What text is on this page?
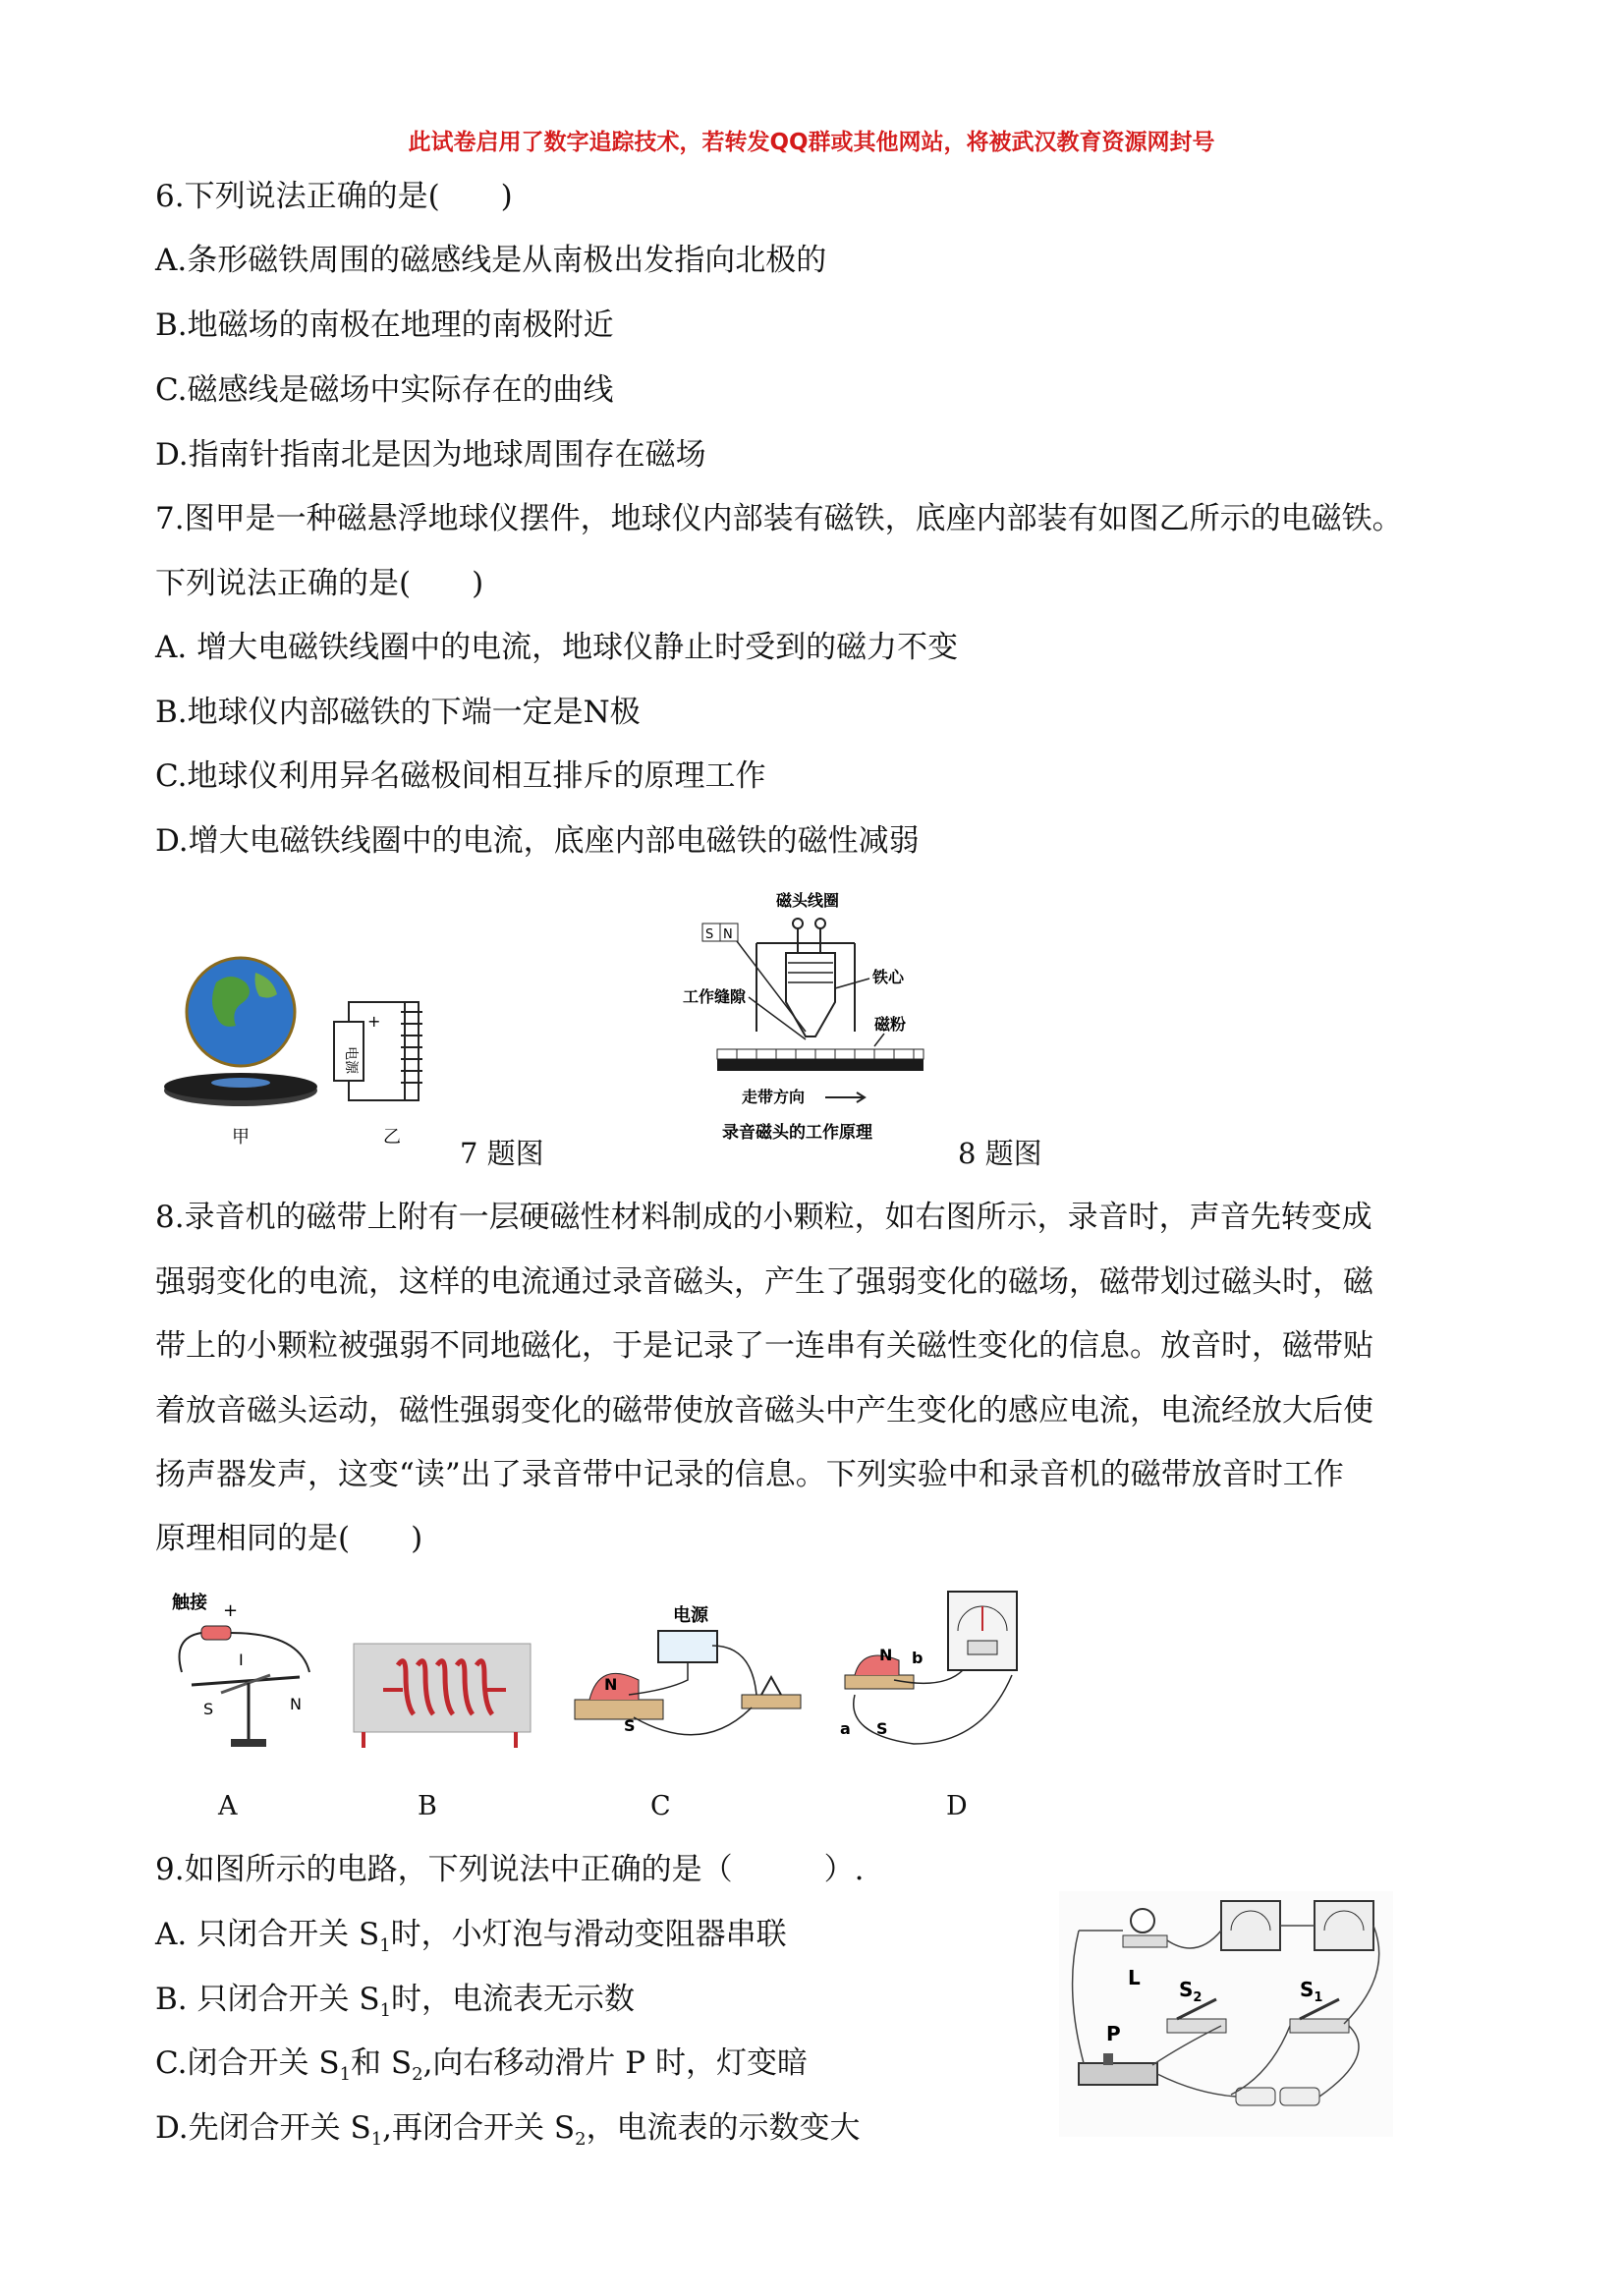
此试卷启用了数字追踪技术，若转发QQ群或其他网站，将被武汉教育资源网封号
6.下列说法正确的是(　　)
A.条形磁铁周围的磁感线是从南极出发指向北极的
B.地磁场的南极在地理的南极附近
C.磁感线是磁场中实际存在的曲线
D.指南针指南北是因为地球周围存在磁场
7.图甲是一种磁悬浮地球仪摆件，地球仪内部装有磁铁，底座内部装有如图乙所示的电磁铁。
下列说法正确的是(　　)
A. 增大电磁铁线圈中的电流，地球仪静止时受到的磁力不变
B.地球仪内部磁铁的下端一定是N极
C.地球仪利用异名磁极间相互排斥的原理工作
D.增大电磁铁线圈中的电流，底座内部电磁铁的磁性减弱
电源
+
甲	乙 7 题图
S N
磁头线圈
工作缝隙
铁心
磁粉
走带方向
录音磁头的工作原理
8 题图
8.录音机的磁带上附有一层硬磁性材料制成的小颗粒，如右图所示，录音时，声音先转变成
强弱变化的电流，这样的电流通过录音磁头，产生了强弱变化的磁场，磁带划过磁头时，磁
带上的小颗粒被强弱不同地磁化，于是记录了一连串有关磁性变化的信息。放音时，磁带贴
着放音磁头运动，磁性强弱变化的磁带使放音磁头中产生变化的感应电流，电流经放大后使
扬声器发声，这变“读”出了录音带中记录的信息。下列实验中和录音机的磁带放音时工作
原理相同的是(　　)
触接 +
I
S	N
电源
N
S
N b
a S
A	B	C	D
9.如图所示的电路，下列说法中正确的是（　　　）.
A. 只闭合开关 $S_1$时，小灯泡与滑动变阻器串联
B. 只闭合开关 $S_1$时，电流表无示数
C.闭合开关 $S_1$和 $S_2$,向右移动滑片 P 时，灯变暗
D.先闭合开关 $S_1$,再闭合开关 $S_2$，电流表的示数变大
L $S_2$	$S_1$
P
